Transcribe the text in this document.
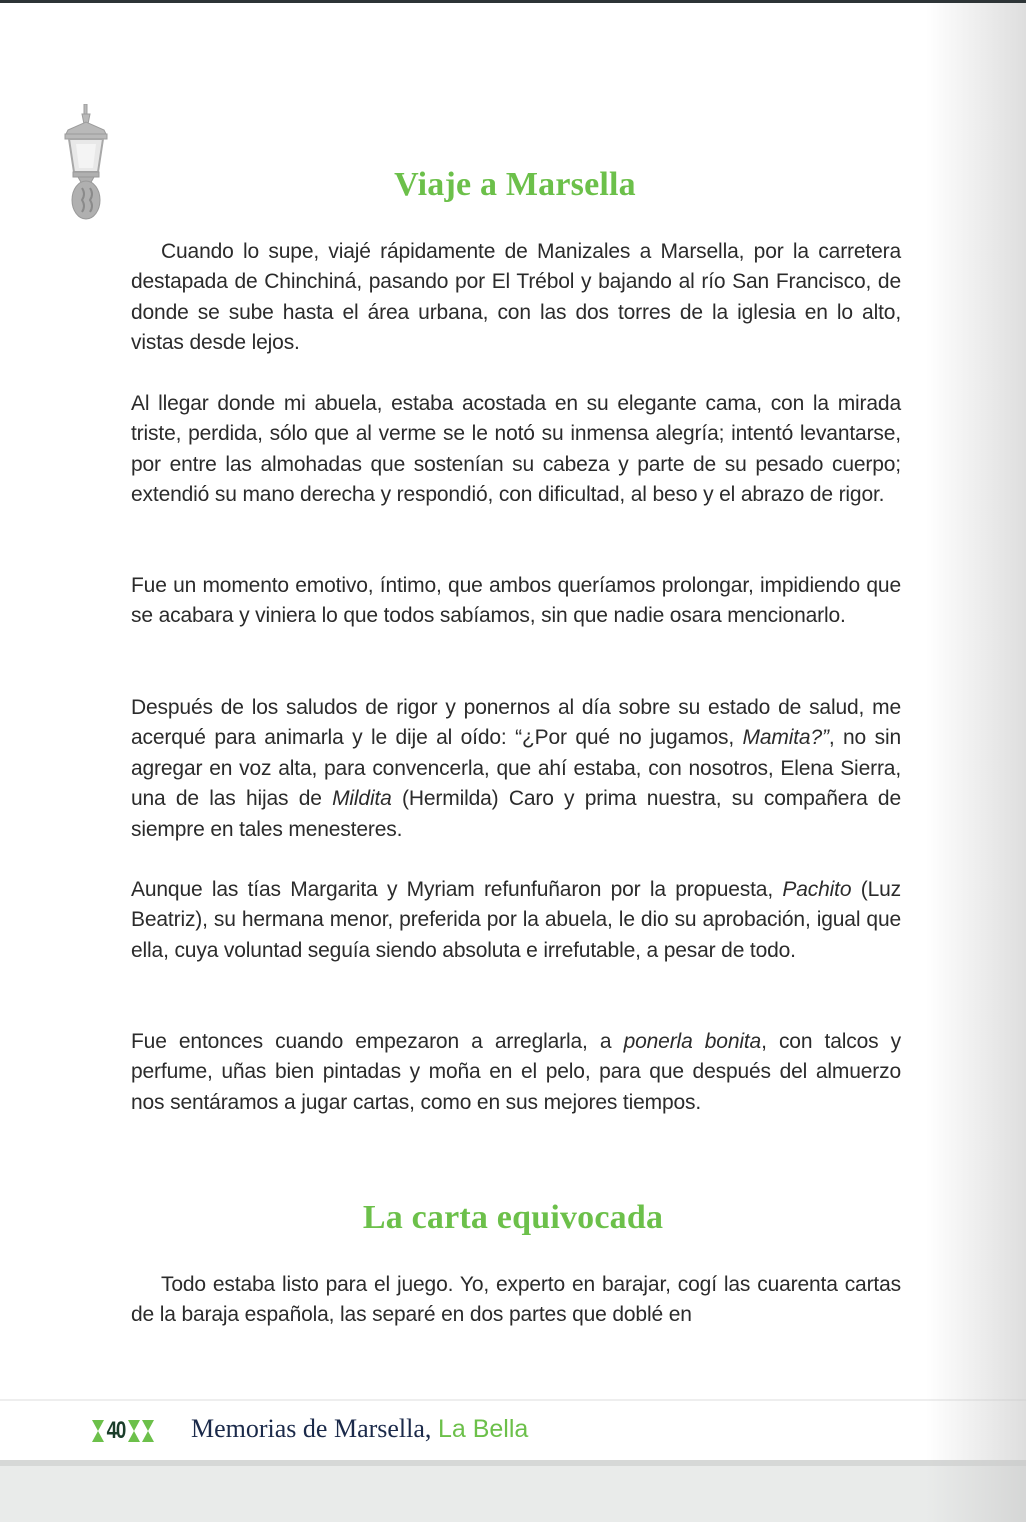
Viaje a Marsella

Cuando lo supe, viajé rápidamente de Manizales a Marsella, por la carretera destapada de Chinchiná, pasando por El Trébol y bajando al río San Francisco, de donde se sube hasta el área urbana, con las dos torres de la iglesia en lo alto, vistas desde lejos.

Al llegar donde mi abuela, estaba acostada en su elegante cama, con la mirada triste, perdida, sólo que al verme se le notó su inmensa alegría; intentó levantarse, por entre las almohadas que sostenían su cabeza y parte de su pesado cuerpo; extendió su mano derecha y respondió, con dificultad, al beso y el abrazo de rigor.

Fue un momento emotivo, íntimo, que ambos queríamos prolongar, impidiendo que se acabara y viniera lo que todos sabíamos, sin que nadie osara mencionarlo.

Después de los saludos de rigor y ponernos al día sobre su estado de salud, me acerqué para animarla y le dije al oído: “¿Por qué no jugamos, Mamita?”, no sin agregar en voz alta, para convencerla, que ahí estaba, con nosotros, Elena Sierra, una de las hijas de Mildita (Hermilda) Caro y prima nuestra, su compañera de siempre en tales menesteres.

Aunque las tías Margarita y Myriam refunfuñaron por la propuesta, Pachito (Luz Beatriz), su hermana menor, preferida por la abuela, le dio su aprobación, igual que ella, cuya voluntad seguía siendo absoluta e irrefutable, a pesar de todo.

Fue entonces cuando empezaron a arreglarla, a ponerla bonita, con talcos y perfume, uñas bien pintadas y moña en el pelo, para que después del almuerzo nos sentáramos a jugar cartas, como en sus mejores tiempos.

La carta equivocada

Todo estaba listo para el juego. Yo, experto en barajar, cogí las cuarenta cartas de la baraja española, las separé en dos partes que doblé en

40	Memorias de Marsella, La Bella
